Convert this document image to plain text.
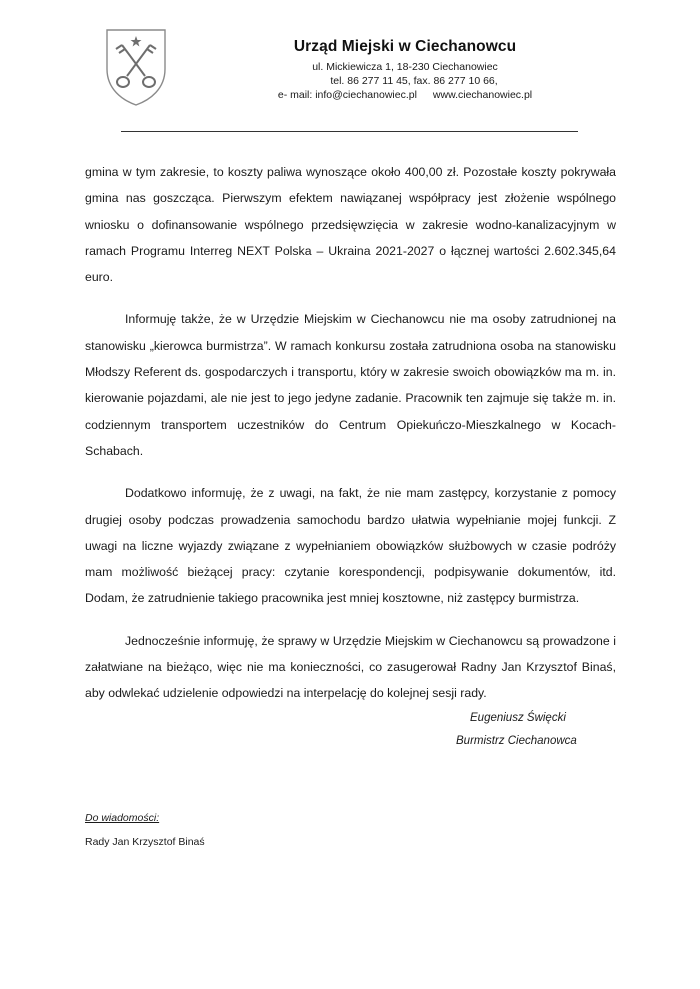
Urząd Miejski w Ciechanowcu
ul. Mickiewicza 1, 18-230 Ciechanowiec
tel. 86 277 11 45, fax. 86 277 10 66,
e- mail: info@ciechanowiec.pl www.ciechanowiec.pl

gmina w tym zakresie, to koszty paliwa wynoszące około 400,00 zł. Pozostałe koszty pokrywała gmina nas goszcząca. Pierwszym efektem nawiązanej współpracy jest złożenie wspólnego wniosku o dofinansowanie wspólnego przedsięwzięcia w zakresie wodno-kanalizacyjnym w ramach Programu Interreg NEXT Polska – Ukraina 2021-2027 o łącznej wartości 2.602.345,64 euro.

Informuję także, że w Urzędzie Miejskim w Ciechanowcu nie ma osoby zatrudnionej na stanowisku „kierowca burmistrza”. W ramach konkursu została zatrudniona osoba na stanowisku Młodszy Referent ds. gospodarczych i transportu, który w zakresie swoich obowiązków ma m. in. kierowanie pojazdami, ale nie jest to jego jedyne zadanie. Pracownik ten zajmuje się także m. in. codziennym transportem uczestników do Centrum Opiekuńczo-Mieszkalnego w Kocach-Schabach.

Dodatkowo informuję, że z uwagi, na fakt, że nie mam zastępcy, korzystanie z pomocy drugiej osoby podczas prowadzenia samochodu bardzo ułatwia wypełnianie mojej funkcji. Z uwagi na liczne wyjazdy związane z wypełnianiem obowiązków służbowych w czasie podróży mam możliwość bieżącej pracy: czytanie korespondencji, podpisywanie dokumentów, itd. Dodam, że zatrudnienie takiego pracownika jest mniej kosztowne, niż zastępcy burmistrza.

Jednocześnie informuję, że sprawy w Urzędzie Miejskim w Ciechanowcu są prowadzone i załatwiane na bieżąco, więc nie ma konieczności, co zasugerował Radny Jan Krzysztof Binaś, aby odwlekać udzielenie odpowiedzi na interpelację do kolejnej sesji rady.

Eugeniusz Święcki
Burmistrz Ciechanowca
Do wiadomości:
Rady Jan Krzysztof Binaś
